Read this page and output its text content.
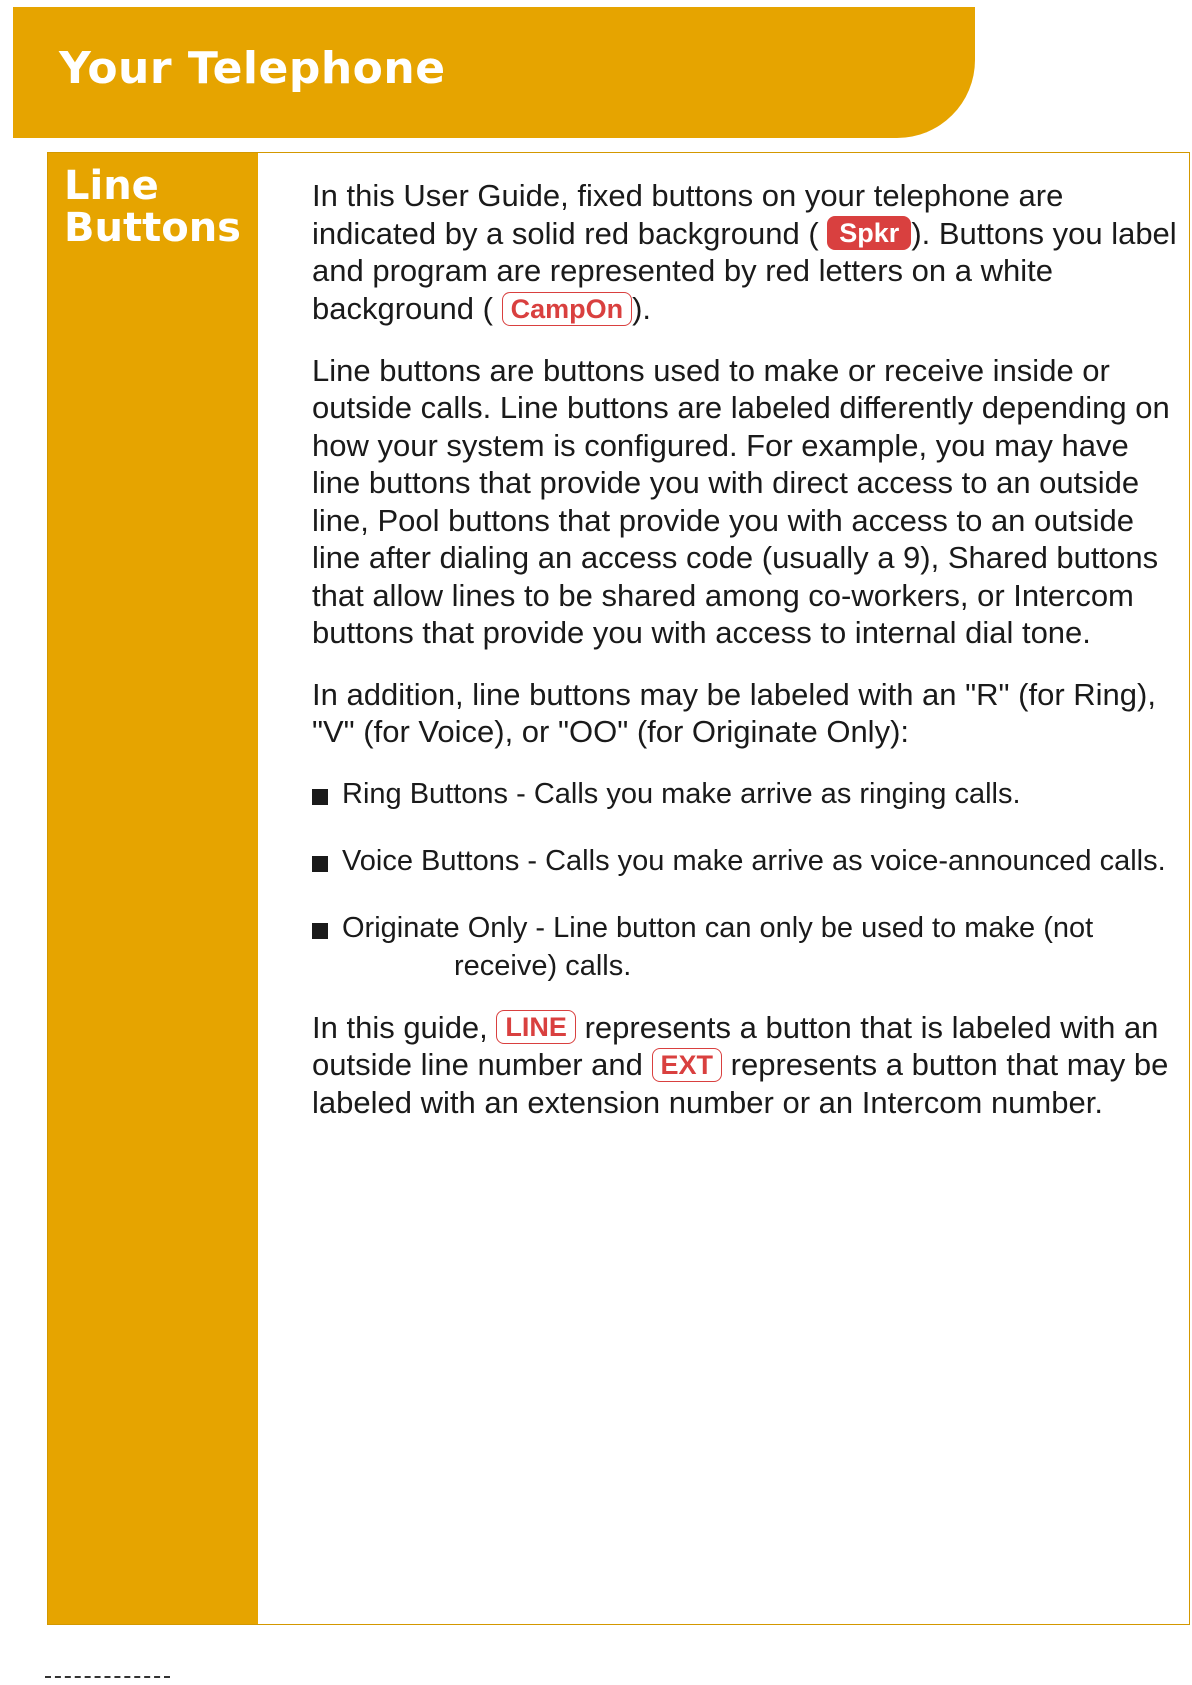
Your Telephone
Line
Buttons

In this User Guide, fixed buttons on your telephone are indicated by a solid red background ( Spkr ). Buttons you label and program are represented by red letters on a white background ( CampOn ).

Line buttons are buttons used to make or receive inside or outside calls. Line buttons are labeled differently depending on how your system is configured. For example, you may have line buttons that provide you with direct access to an outside line, Pool buttons that provide you with access to an outside line after dialing an access code (usually a 9), Shared buttons that allow lines to be shared among co-workers, or Intercom buttons that provide you with access to internal dial tone.

In addition, line buttons may be labeled with an "R" (for Ring), "V" (for Voice), or "OO" (for Originate Only):

Ring Buttons - Calls you make arrive as ringing calls.
Voice Buttons - Calls you make arrive as voice-announced calls.
Originate Only - Line button can only be used to make (not
receive) calls.

In this guide, LINE represents a button that is labeled with an outside line number and EXT represents a button that may be labeled with an extension number or an Intercom number.
